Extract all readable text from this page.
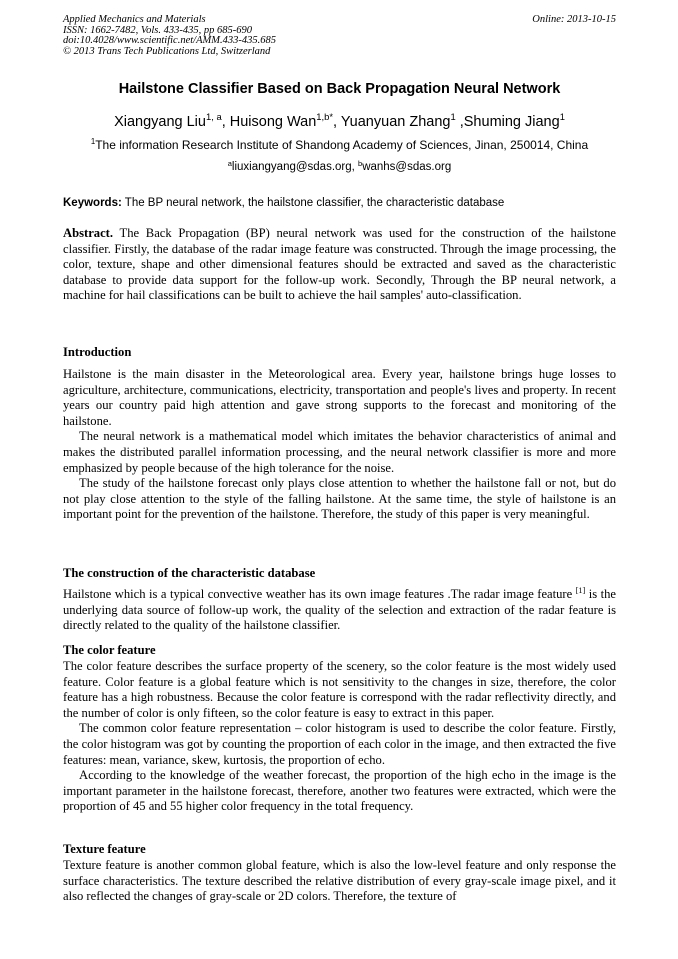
Applied Mechanics and Materials
ISSN: 1662-7482, Vols. 433-435, pp 685-690
doi:10.4028/www.scientific.net/AMM.433-435.685
© 2013 Trans Tech Publications Ltd, Switzerland
Online: 2013-10-15
Hailstone Classifier Based on Back Propagation Neural Network
Xiangyang Liu$^{1, a}$, Huisong Wan$^{1,b*}$, Yuanyuan Zhang$^1$ ,Shuming Jiang$^1$
$^1$The information Research Institute of Shandong Academy of Sciences, Jinan, 250014, China
$^a$liuxiangyang@sdas.org, $^b$wanhs@sdas.org
Keywords: The BP neural network, the hailstone classifier, the characteristic database

Abstract. The Back Propagation (BP) neural network was used for the construction of the hailstone classifier. Firstly, the database of the radar image feature was constructed. Through the image processing, the color, texture, shape and other dimensional features should be extracted and saved as the characteristic database to provide data support for the follow-up work. Secondly, Through the BP neural network, a machine for hail classifications can be built to achieve the hail samples' auto-classification.

Introduction

Hailstone is the main disaster in the Meteorological area. Every year, hailstone brings huge losses to agriculture, architecture, communications, electricity, transportation and people's lives and property. In recent years our country paid high attention and gave strong supports to the forecast and monitoring of the hailstone.

The neural network is a mathematical model which imitates the behavior characteristics of animal and makes the distributed parallel information processing, and the neural network classifier is more and more emphasized by people because of the high tolerance for the noise.

The study of the hailstone forecast only plays close attention to whether the hailstone fall or not, but do not play close attention to the style of the falling hailstone. At the same time, the style of hailstone is an important point for the prevention of the hailstone. Therefore, the study of this paper is very meaningful.

The construction of the characteristic database

Hailstone which is a typical convective weather has its own image features .The radar image feature [1] is the underlying data source of follow-up work, the quality of the selection and extraction of the radar feature is directly related to the quality of the hailstone classifier.

The color feature

The color feature describes the surface property of the scenery, so the color feature is the most widely used feature. Color feature is a global feature which is not sensitivity to the changes in size, therefore, the color feature has a high robustness. Because the color feature is correspond with the radar reflectivity directly, and the number of color is only fifteen, so the color feature is easy to extract in this paper.

The common color feature representation – color histogram is used to describe the color feature. Firstly, the color histogram was got by counting the proportion of each color in the image, and then extracted the five features: mean, variance, skew, kurtosis, the proportion of echo.

According to the knowledge of the weather forecast, the proportion of the high echo in the image is the important parameter in the hailstone forecast, therefore, another two features were extracted, which were the proportion of 45 and 55 higher color frequency in the total frequency.

Texture feature

Texture feature is another common global feature, which is also the low-level feature and only response the surface characteristics. The texture described the relative distribution of every gray-scale image pixel, and it also reflected the changes of gray-scale or 2D colors. Therefore, the texture of
